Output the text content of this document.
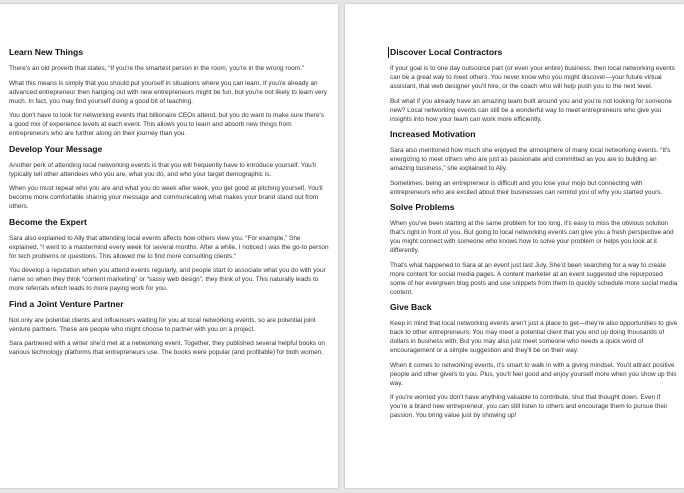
Learn New Things

There's an old proverb that states, “If you're the smartest person in the room, you're in the wrong room.”

What this means is simply that you should put yourself in situations where you can learn. If you're already an advanced entrepreneur then hanging out with new entrepreneurs might be fun, but you're not likely to learn very much. In fact, you may find yourself doing a good bit of teaching.

You don't have to look for networking events that billionaire CEOs attend, but you do want to make sure there's a good mix of experience levels at each event. This allows you to learn and absorb new things from entrepreneurs who are further along on their journey than you.

Develop Your Message

Another perk of attending local networking events is that you will frequently have to introduce yourself. You'll typically tell other attendees who you are, what you do, and who your target demographic is.

When you must repeat who you are and what you do week after week, you get good at pitching yourself. You'll become more comfortable sharing your message and communicating what makes your brand stand out from others.

Become the Expert

Sara also explained to Ally that attending local events affects how others view you. “For example,” She explained, “I went to a mastermind every week for several months. After a while, I noticed I was the go-to person for tech problems or questions. This allowed me to find more consulting clients.”

You develop a reputation when you attend events regularly, and people start to associate what you do with your name so when they think “content marketing” or “sassy web design”, they think of you. This naturally leads to more referrals which leads to more paying work for you.

Find a Joint Venture Partner

Not only are potential clients and influencers waiting for you at local networking events, so are potential joint venture partners. These are people who might choose to partner with you on a project.

Sara partnered with a writer she'd met at a networking event. Together, they published several helpful books on various technology platforms that entrepreneurs use. The books were popular (and profitable) for both women.

Discover Local Contractors

If your goal is to one day outsource part (or even your entire) business, then local networking events can be a great way to meet others. You never know who you might discover—your future virtual assistant, that web designer you'll hire, or the coach who will help push you to the next level.

But what if you already have an amazing team built around you and you're not looking for someone new? Local networking events can still be a wonderful way to meet entrepreneurs who give you insights into how your team can work more efficiently.

Increased Motivation

Sara also mentioned how much she enjoyed the atmosphere of many local networking events. “It's energizing to meet others who are just as passionate and committed as you are to building an amazing business,” she explained to Ally.

Sometimes, being an entrepreneur is difficult and you lose your mojo but connecting with entrepreneurs who are excited about their businesses can remind you of why you started yours.

Solve Problems

When you've been starting at the same problem for too long, it's easy to miss the obvious solution that's right in front of you. But going to local networking events can give you a fresh perspective and you might connect with someone who knows how to solve your problem or helps you look at it differently.

That's what happened to Sara at an event just last July. She'd been searching for a way to create more content for social media pages. A content marketer at an event suggested she repurposed some of her evergreen blog posts and use snippets from them to quickly schedule more social media content.

Give Back

Keep in mind that local networking events aren't just a place to get—they're also opportunities to give back to other entrepreneurs. You may meet a potential client that you end up doing thousands of dollars in business with. But you may also just meet someone who needs a quick word of encouragement or a simple suggestion and they'll be on their way.

When it comes to networking events, it's smart to walk in with a giving mindset. You'll attract positive people and other givers to you. Plus, you'll feel good and enjoy yourself more when you show up this way.

If you're worried you don't have anything valuable to contribute, shut that thought down. Even if you're a brand new entrepreneur, you can still listen to others and encourage them to pursue their passion. You bring value just by showing up!
